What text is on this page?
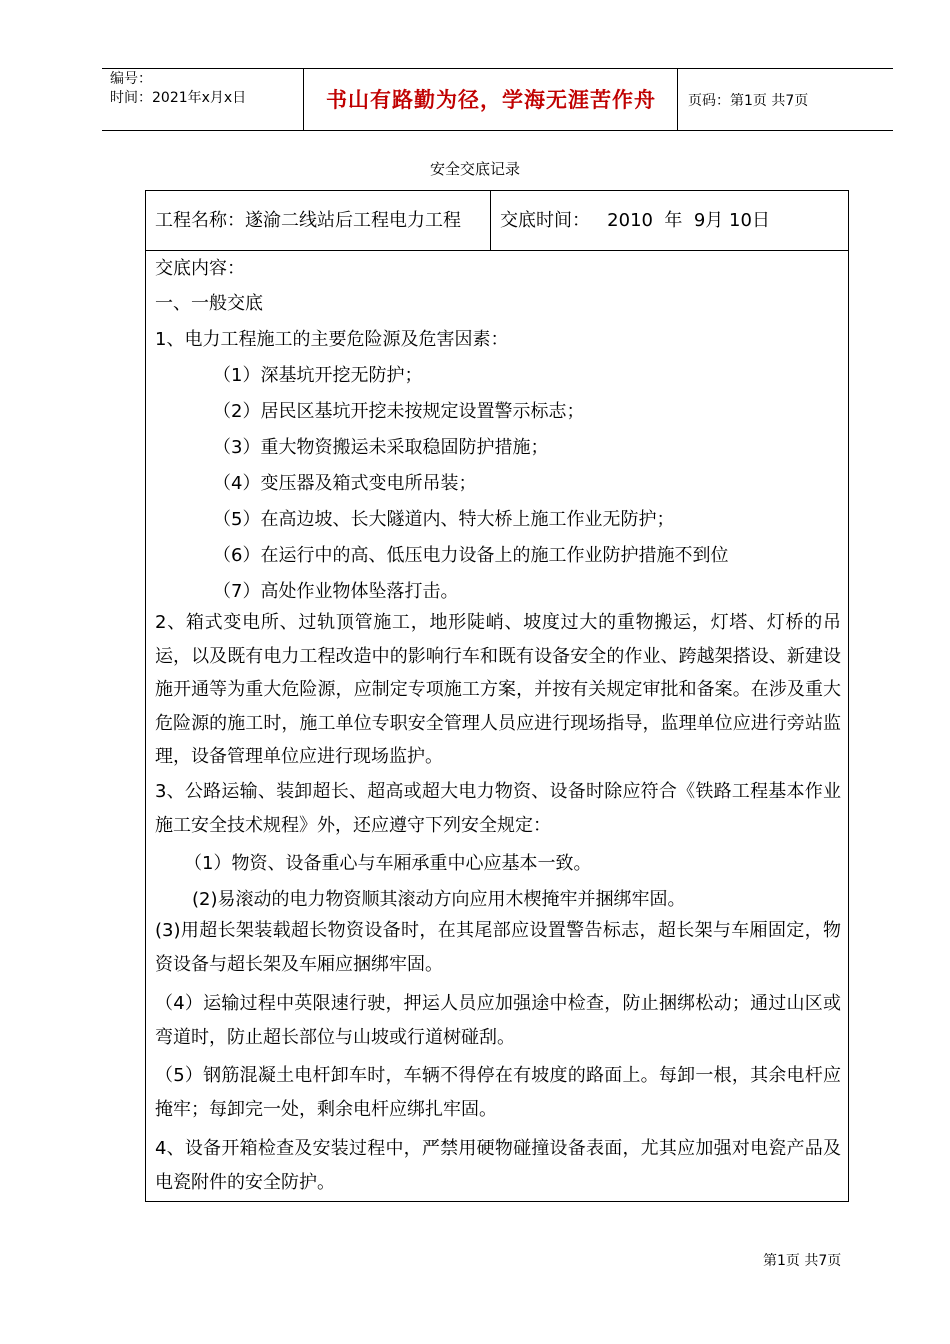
编号：
时间：2021年x月x日	书山有路勤为径，学海无涯苦作舟	页码：第1页 共7页
安全交底记录
工程名称：遂渝二线站后工程电力工程 交底时间：   2010  年  9月 10日
交底内容：
一、一般交底
1、电力工程施工的主要危险源及危害因素：
（1）深基坑开挖无防护；
（2）居民区基坑开挖未按规定设置警示标志；
（3）重大物资搬运未采取稳固防护措施；
（4）变压器及箱式变电所吊装；
（5）在高边坡、长大隧道内、特大桥上施工作业无防护；
（6）在运行中的高、低压电力设备上的施工作业防护措施不到位
（7）高处作业物体坠落打击。
2、箱式变电所、过轨顶管施工，地形陡峭、坡度过大的重物搬运，灯塔、灯桥的吊运，以及既有电力工程改造中的影响行车和既有设备安全的作业、跨越架搭设、新建设施开通等为重大危险源，应制定专项施工方案，并按有关规定审批和备案。在涉及重大危险源的施工时，施工单位专职安全管理人员应进行现场指导，监理单位应进行旁站监理，设备管理单位应进行现场监护。
3、公路运输、装卸超长、超高或超大电力物资、设备时除应符合《铁路工程基本作业施工安全技术规程》外，还应遵守下列安全规定：
（1）物资、设备重心与车厢承重中心应基本一致。
(2)易滚动的电力物资顺其滚动方向应用木楔掩牢并捆绑牢固。
(3)用超长架装载超长物资设备时，在其尾部应设置警告标志，超长架与车厢固定，物资设备与超长架及车厢应捆绑牢固。
（4）运输过程中英限速行驶，押运人员应加强途中检查，防止捆绑松动；通过山区或弯道时，防止超长部位与山坡或行道树碰刮。
（5）钢筋混凝土电杆卸车时，车辆不得停在有坡度的路面上。每卸一根，其余电杆应掩牢；每卸完一处，剩余电杆应绑扎牢固。
4、设备开箱检查及安装过程中，严禁用硬物碰撞设备表面，尤其应加强对电瓷产品及电瓷附件的安全防护。
第1页 共7页
